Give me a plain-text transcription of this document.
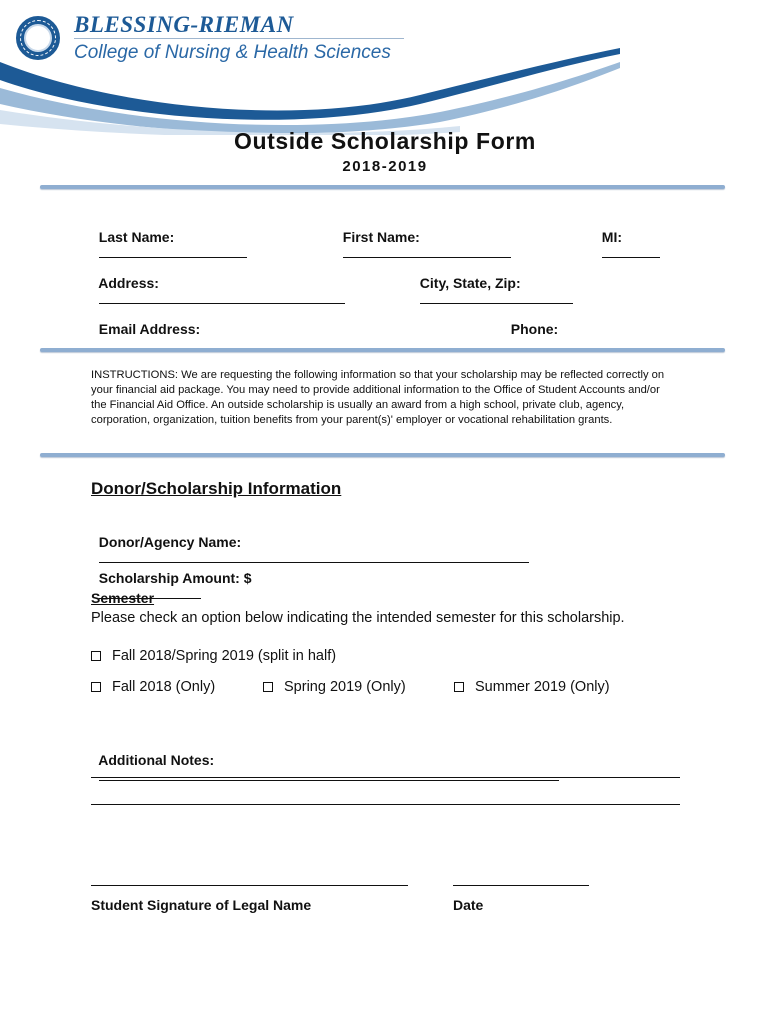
BLESSING-RIEMAN
College of Nursing & Health Sciences
Outside Scholarship Form
2018-2019

Last Name:
	First Name:
	MI:

Address:
	City, State, Zip:

Email Address:
	Phone:

INSTRUCTIONS: We are requesting the following information so that your scholarship may be reflected correctly on your financial aid package. You may need to provide additional information to the Office of Student Accounts and/or the Financial Aid Office. An outside scholarship is usually an award from a high school, private club, agency, corporation, organization, tuition benefits from your parent(s)' employer or vocational rehabilitation grants.
Donor/Scholarship Information

Donor/Agency Name:

Scholarship Amount: $

Semester
Please check an option below indicating the intended semester for this scholarship.
Fall 2018/Spring 2019 (split in half)
Fall 2018 (Only)	Spring 2019 (Only)	Summer 2019 (Only)

Additional Notes:

Student Signature of Legal Name	Date
